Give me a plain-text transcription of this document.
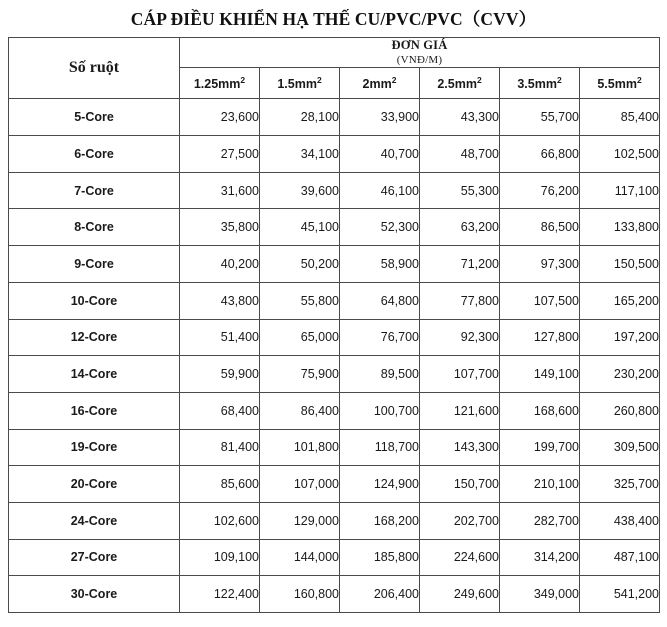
CÁP ĐIỀU KHIỂN HẠ THẾ CU/PVC/PVC（CVV）
Số ruột	ĐƠN GIÁ
(VNĐ/M)					

	$1.25mm^2$	$1.5mm^2$	$2mm^2$	$2.5mm^2$	$3.5mm^2$	$5.5mm^2$
5-Core	23,600	28,100	33,900	43,300	55,700	85,400
6-Core	27,500	34,100	40,700	48,700	66,800	102,500
7-Core	31,600	39,600	46,100	55,300	76,200	117,100
8-Core	35,800	45,100	52,300	63,200	86,500	133,800
9-Core	40,200	50,200	58,900	71,200	97,300	150,500
10-Core	43,800	55,800	64,800	77,800	107,500	165,200
12-Core	51,400	65,000	76,700	92,300	127,800	197,200
14-Core	59,900	75,900	89,500	107,700	149,100	230,200
16-Core	68,400	86,400	100,700	121,600	168,600	260,800
19-Core	81,400	101,800	118,700	143,300	199,700	309,500
20-Core	85,600	107,000	124,900	150,700	210,100	325,700
24-Core	102,600	129,000	168,200	202,700	282,700	438,400
27-Core	109,100	144,000	185,800	224,600	314,200	487,100
30-Core	122,400	160,800	206,400	249,600	349,000	541,200
